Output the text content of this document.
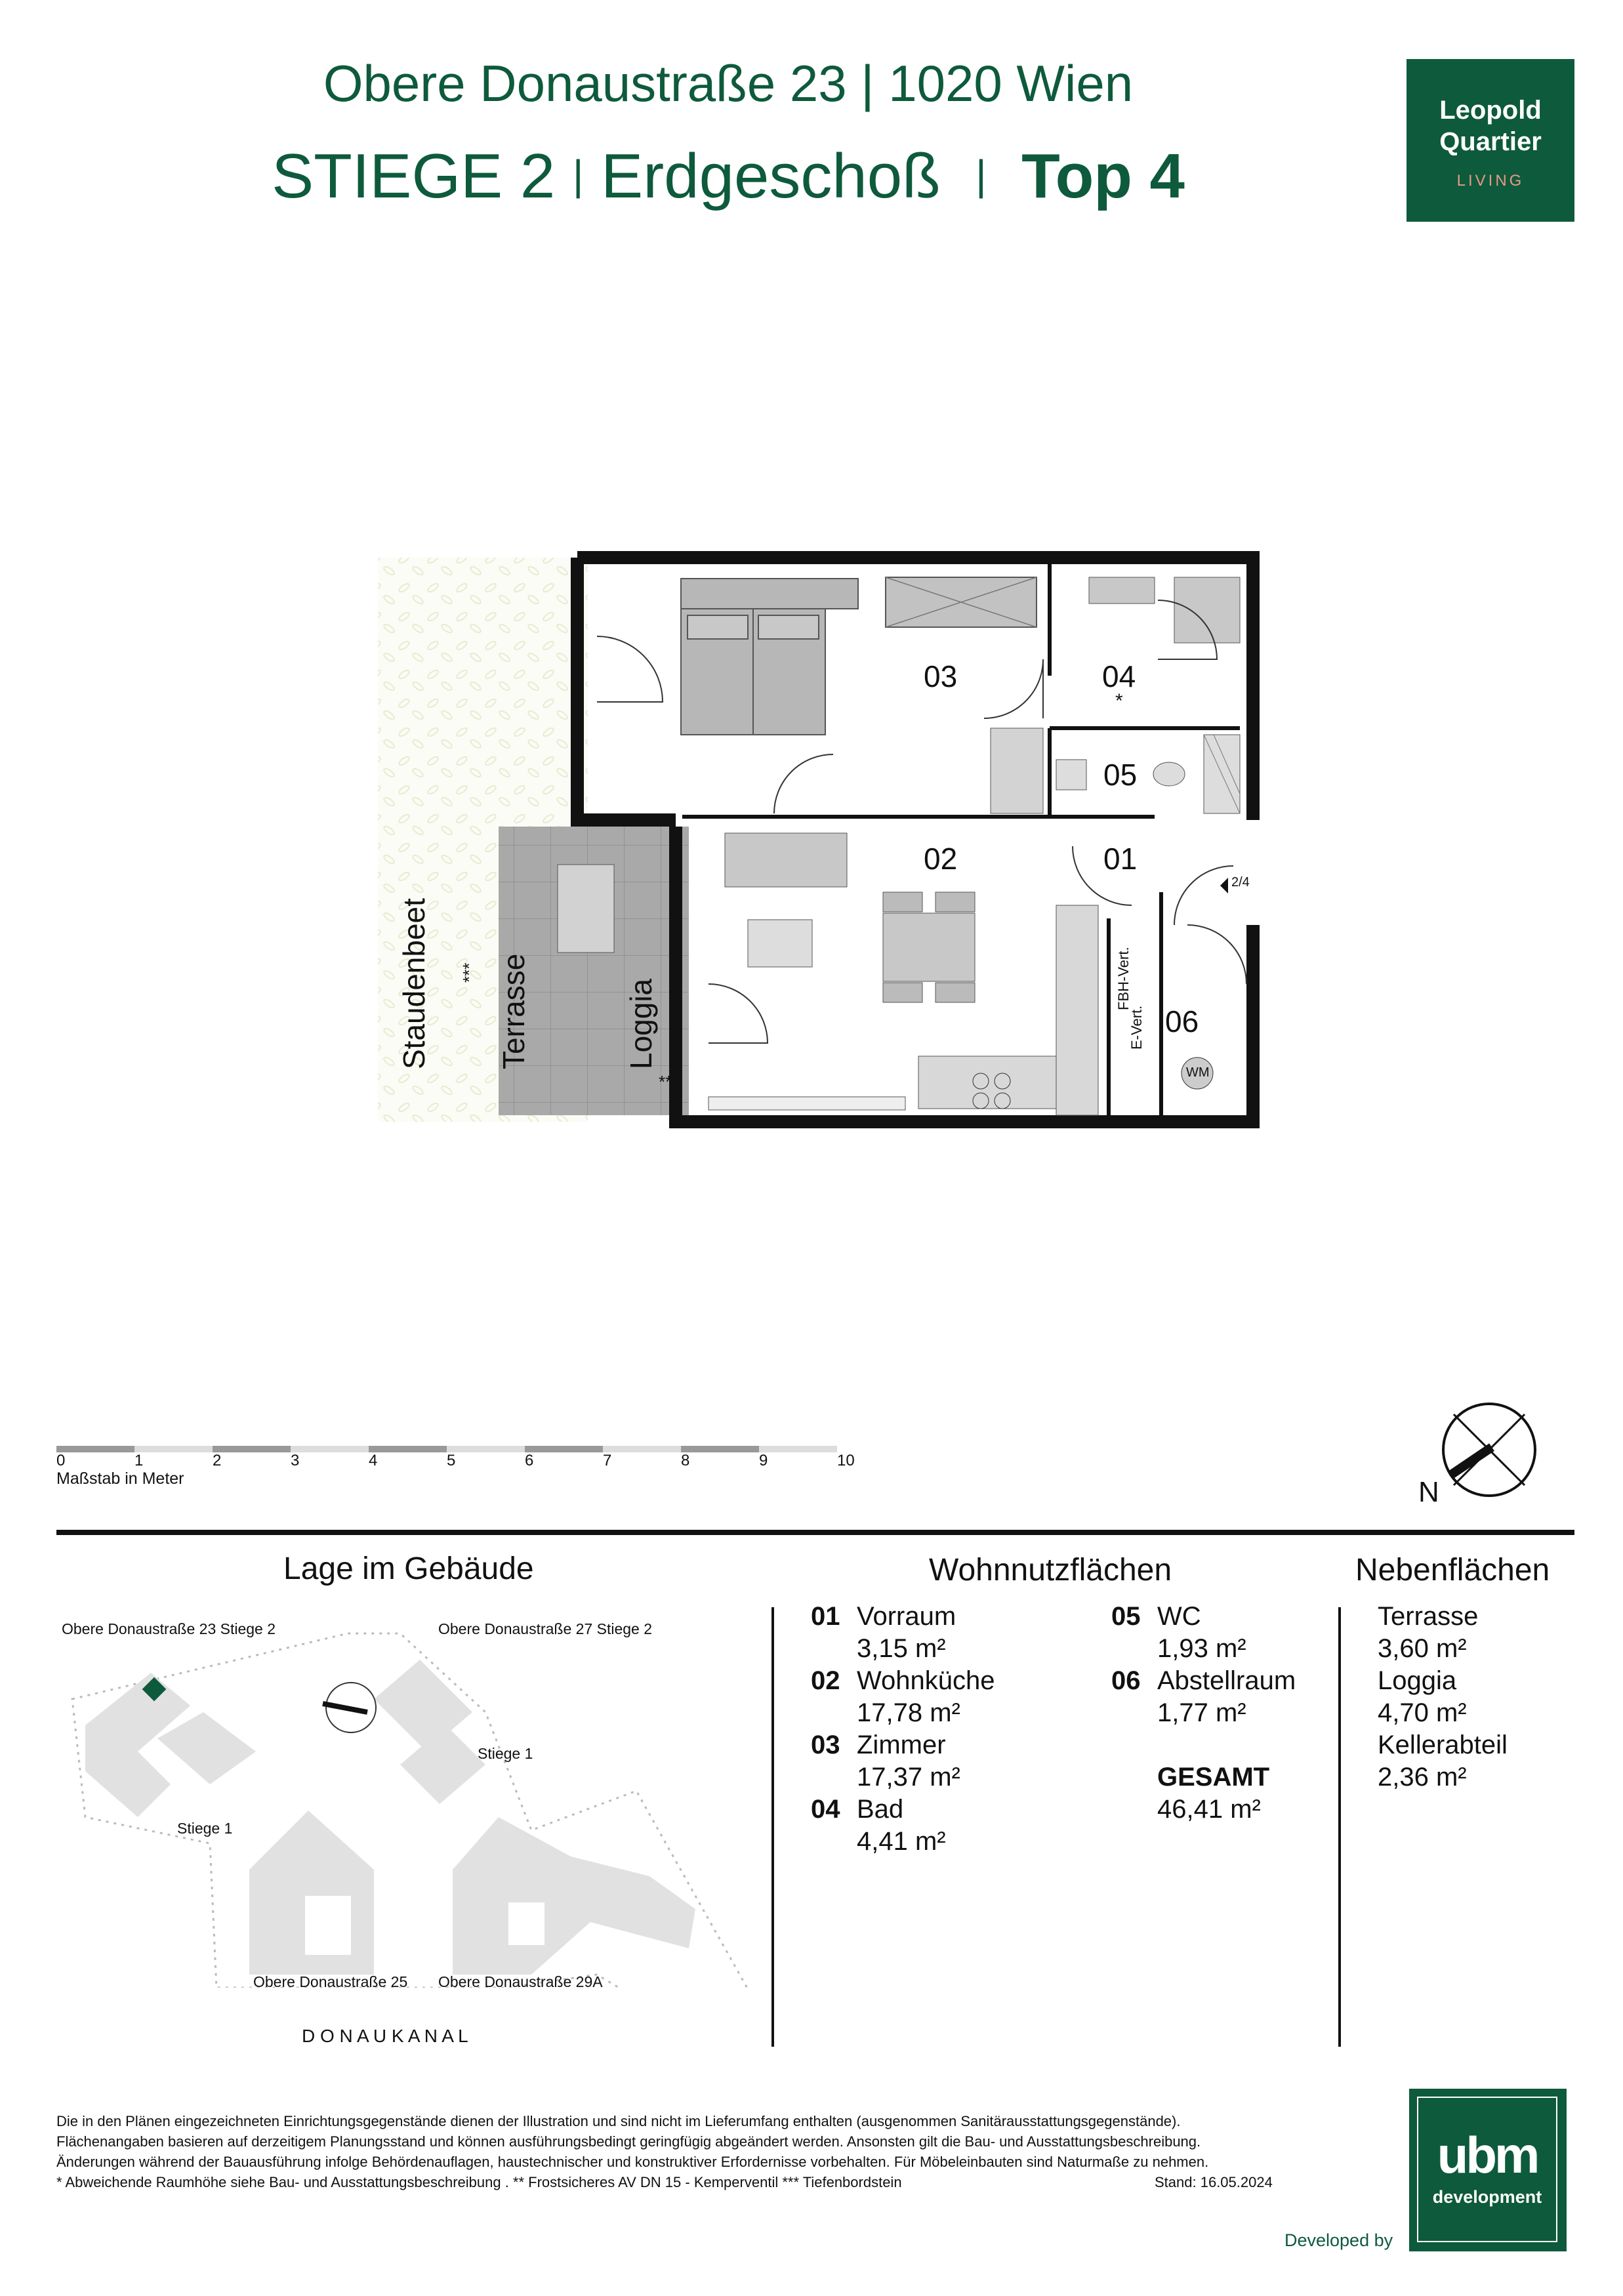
Obere Donaustraße 23 | 1020 Wien
STIEGE 2 | Erdgeschoß | Top 4
Leopold
Quartier
LIVING
03	04
*
05
02	01
06
2/4
FBH-Vert.
E-Vert.
WM
Staudenbeet *** Terrasse	Loggia
**
0	1	2	3	4	5	6	7	8	9	10
Maßstab in Meter	N
Lage im Gebäude
Obere Donaustraße 23 Stiege 2	Obere Donaustraße 27 Stiege 2
Stiege 1
Stiege 1
Obere Donaustraße 25 Obere Donaustraße 29A
D O N A U K A N A L
Wohnnutzflächen
01 Vorraum
3,15 m²
02 Wohnküche
17,78 m²
03 Zimmer
17,37 m²
04 Bad
4,41 m²
05 WC
1,93 m²
06 Abstellraum
1,77 m²
GESAMT
46,41 m²
Nebenflächen
Terrasse
3,60 m²
Loggia
4,70 m²
Kellerabteil
2,36 m²
Die in den Plänen eingezeichneten Einrichtungsgegenstände dienen der Illustration und sind nicht im Lieferumfang enthalten (ausgenommen Sanitärausstattungsgegenstände).
Flächenangaben basieren auf derzeitigem Planungsstand und können ausführungsbedingt geringfügig abgeändert werden. Ansonsten gilt die Bau- und Ausstattungsbeschreibung.
Änderungen während der Bauausführung infolge Behördenauflagen, haustechnischer und konstruktiver Erfordernisse vorbehalten. Für Möbeleinbauten sind Naturmaße zu nehmen.
* Abweichende Raumhöhe siehe Bau- und Ausstattungsbeschreibung . ** Frostsicheres AV DN 15 - Kemperventil *** Tiefenbordstein	Stand: 16.05.2024	ubm
development
Developed by
